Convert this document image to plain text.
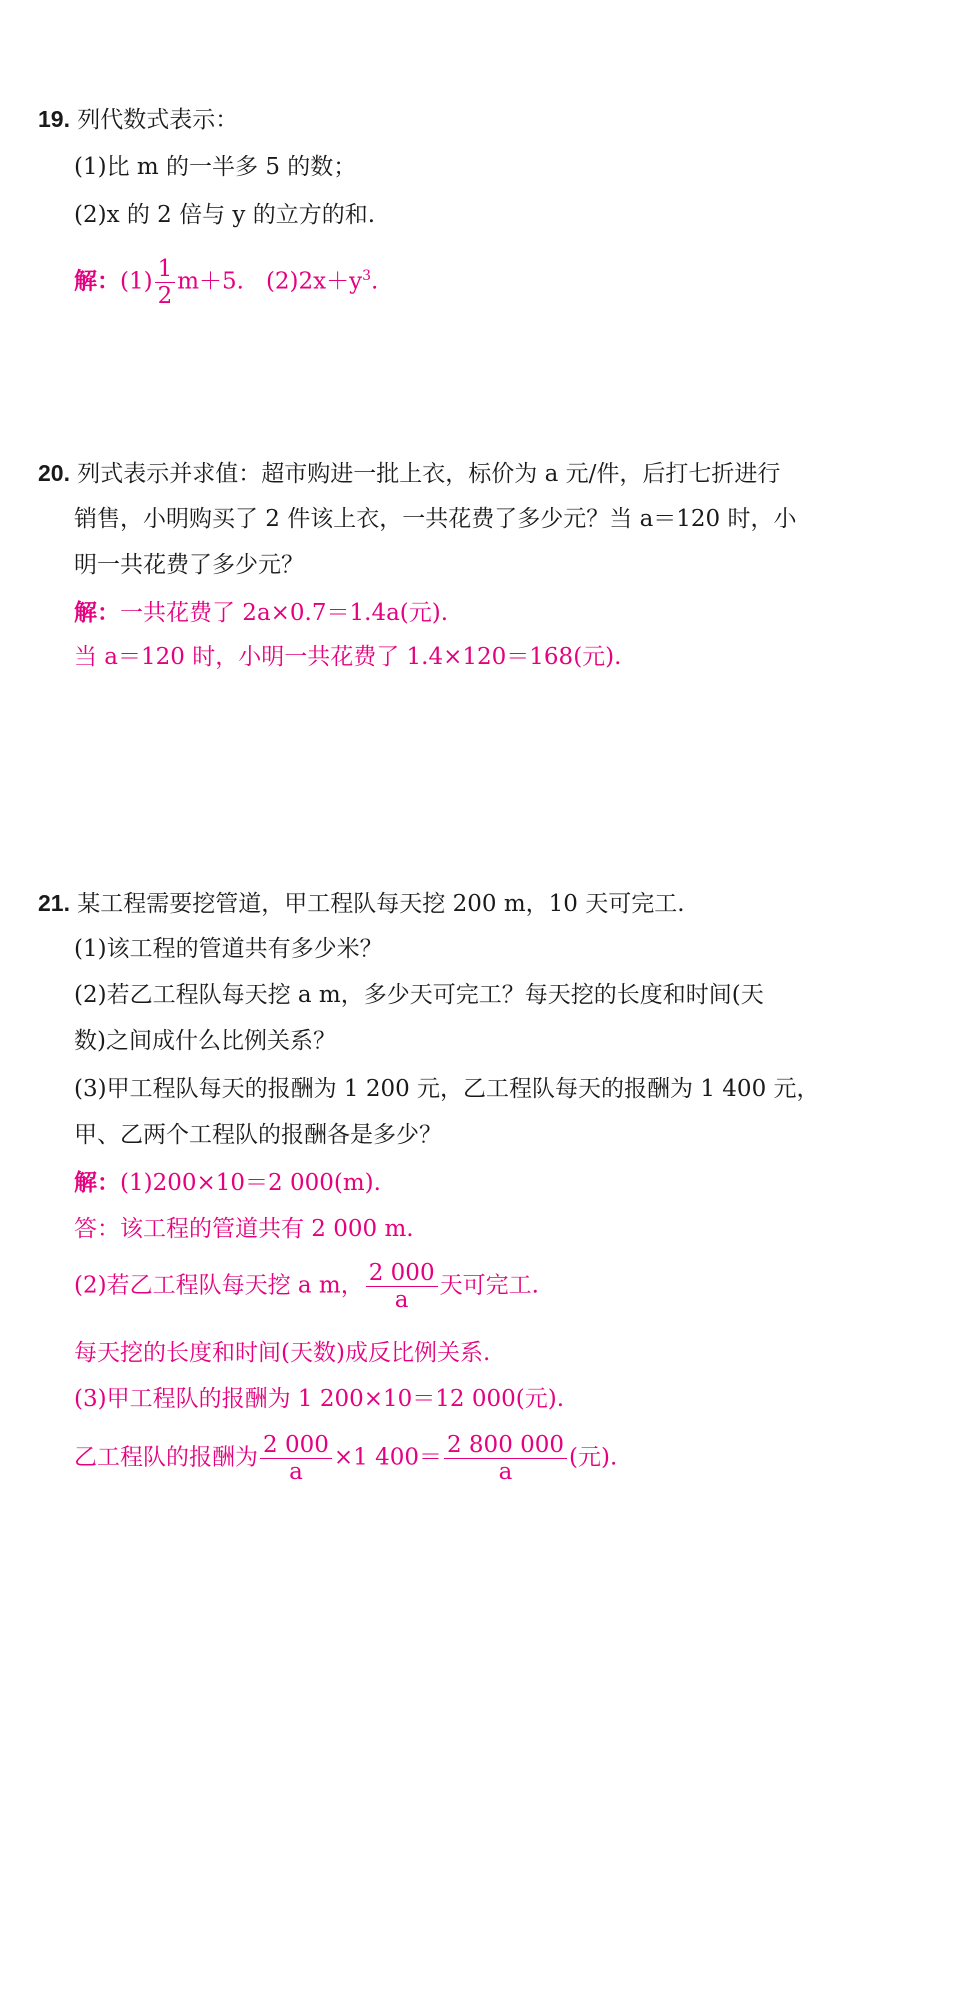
19. 列代数式表示：
(1)比 m 的一半多 5 的数；
(2)x 的 2 倍与 y 的立方的和.
解：$(1) \frac{1}{2} m+5$. $(2)2x+y^3$.
20. 列式表示并求值：超市购进一批上衣，标价为 a 元/件，后打七折进行
销售，小明购买了 2 件该上衣，一共花费了多少元？当 a＝120 时，小
明一共花费了多少元？
解：一共花费了 2a×0.7＝1.4a(元).
当 a＝120 时，小明一共花费了 1.4×120＝168(元).
21. 某工程需要挖管道，甲工程队每天挖 200 m，10 天可完工.
(1)该工程的管道共有多少米？
(2)若乙工程队每天挖 a m，多少天可完工？每天挖的长度和时间(天
数)之间成什么比例关系？
(3)甲工程队每天的报酬为 1 200 元，乙工程队每天的报酬为 1 400 元，
甲、乙两个工程队的报酬各是多少？
解：(1)200×10＝2 000(m).
答：该工程的管道共有 2 000 m.
(2)若乙工程队每天挖 a m， $\frac{2 000}{a}$ 天可完工.
每天挖的长度和时间(天数)成反比例关系.
(3)甲工程队的报酬为 1 200×10＝12 000(元).
乙工程队的报酬为 $\frac{2 000}{a} \times 1$ $400= \frac{2 800 000}{a}$ (元).
